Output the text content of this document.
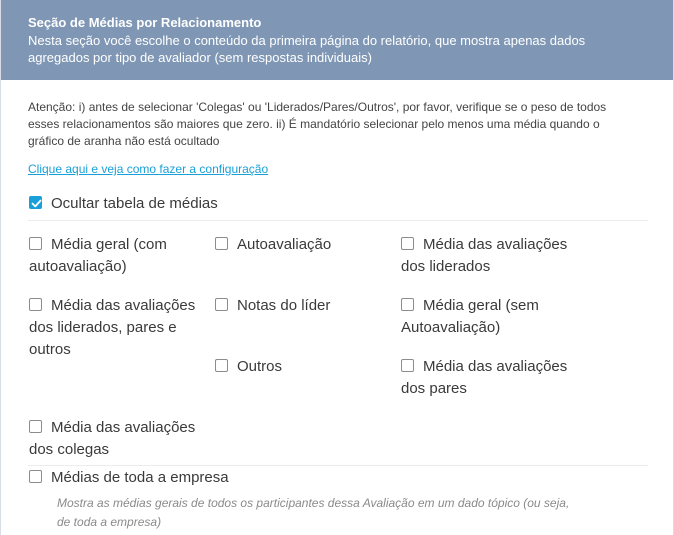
Seção de Médias por Relacionamento
Nesta seção você escolhe o conteúdo da primeira página do relatório, que mostra apenas dados agregados por tipo de avaliador (sem respostas individuais)
Atenção: i) antes de selecionar 'Colegas' ou 'Liderados/Pares/Outros', por favor, verifique se o peso de todos esses relacionamentos são maiores que zero. ii) É mandatório selecionar pelo menos uma média quando o gráfico de aranha não está ocultado
Clique aqui e veja como fazer a configuração
Ocultar tabela de médias
Média geral (com autoavaliação)
Autoavaliação	Média das avaliações dos liderados
Média das avaliações dos liderados, pares e outros
Notas do líder	Média geral (sem Autoavaliação)
Outros	Média das avaliações dos pares
Média das avaliações dos colegas
Médias de toda a empresa
Mostra as médias gerais de todos os participantes dessa Avaliação em um dado tópico (ou seja, de toda a empresa)
